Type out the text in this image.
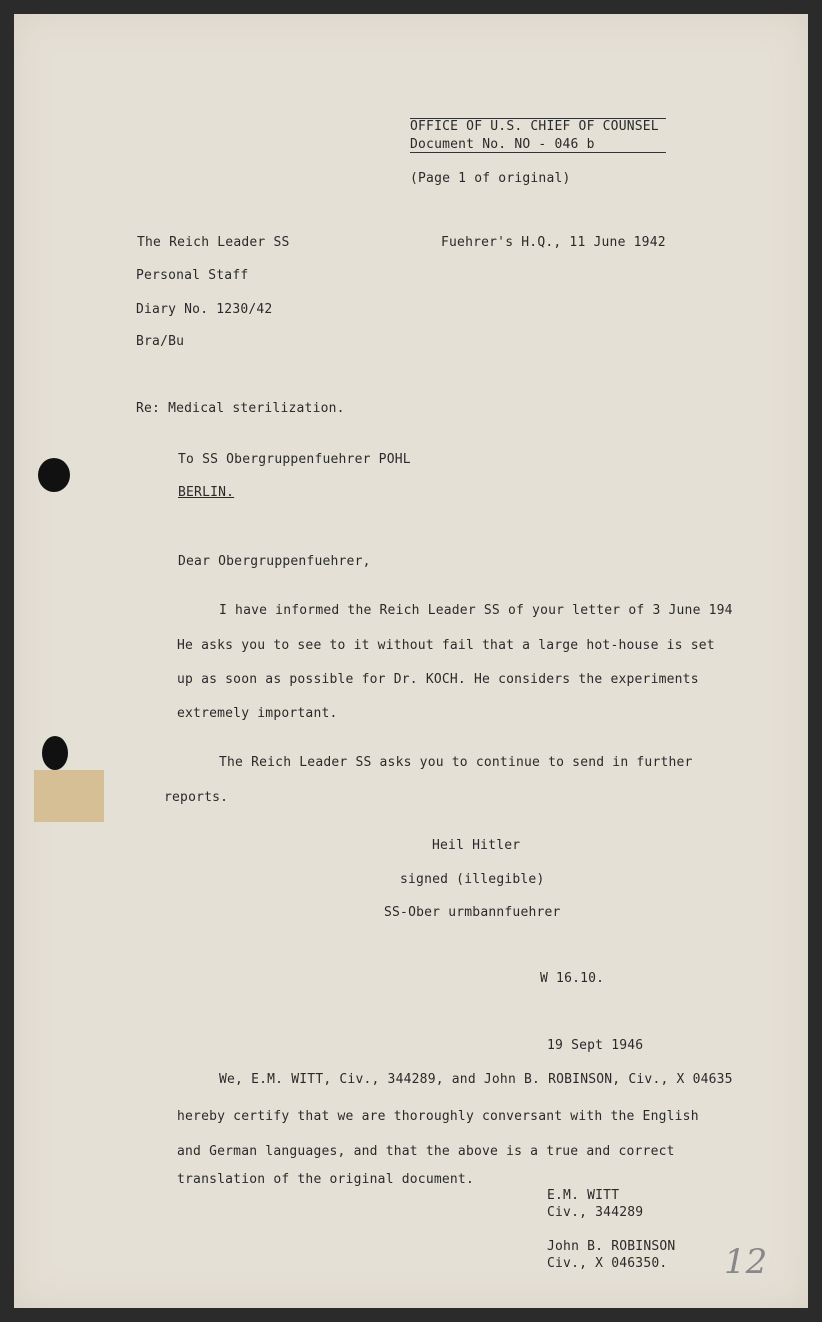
OFFICE OF U.S. CHIEF OF COUNSEL
Document No. NO - 046 b
(Page 1 of original)
The Reich Leader SS	Fuehrer's H.Q., 11 June 1942
Personal Staff
Diary No. 1230/42
Bra/Bu
Re: Medical sterilization.
To SS Obergruppenfuehrer POHL
BERLIN.
Dear Obergruppenfuehrer,
I have informed the Reich Leader SS of your letter of 3 June 194
He asks you to see to it without fail that a large hot-house is set
up as soon as possible for Dr. KOCH. He considers the experiments
extremely important.
The Reich Leader SS asks you to continue to send in further
reports.
Heil Hitler
signed (illegible)
SS-Ober urmbannfuehrer
W 16.10.
19 Sept 1946
We, E.M. WITT, Civ., 344289, and John B. ROBINSON, Civ., X 04635
hereby certify that we are thoroughly conversant with the English
and German languages, and that the above is a true and correct
translation of the original document.
E.M. WITT
Civ., 344289
John B. ROBINSON
Civ., X 046350. 12
